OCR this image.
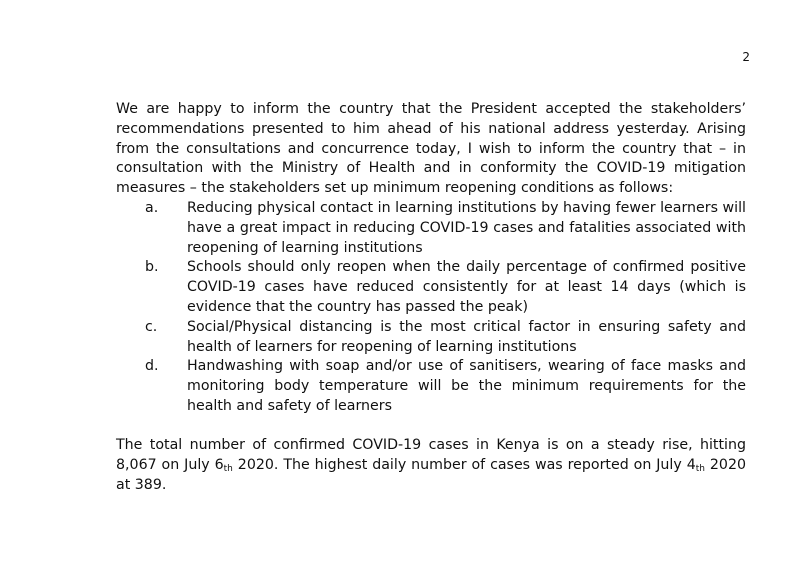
2

We are happy to inform the country that the President accepted the stakeholders’ recommendations presented to him ahead of his national address yesterday. Arising from the consultations and concurrence today, I wish to inform the country that – in consultation with the Ministry of Health and in conformity the COVID-19 mitigation measures – the stakeholders set up minimum reopening conditions as follows:

a.	Reducing physical contact in learning institutions by having fewer learners will have a great impact in reducing COVID-19 cases and fatalities associated with reopening of learning institutions
b.	Schools should only reopen when the daily percentage of confirmed positive COVID-19 cases have reduced consistently for at least 14 days (which is evidence that the country has passed the peak)
c.	Social/Physical distancing is the most critical factor in ensuring safety and health of learners for reopening of learning institutions
d.	Handwashing with soap and/or use of sanitisers, wearing of face masks and monitoring body temperature will be the minimum requirements for the health and safety of learners

The total number of confirmed COVID-19 cases in Kenya is on a steady rise, hitting 8,067 on July $6_{th}$ 2020. The highest daily number of cases was reported on July $4_{th}$ 2020 at 389.
